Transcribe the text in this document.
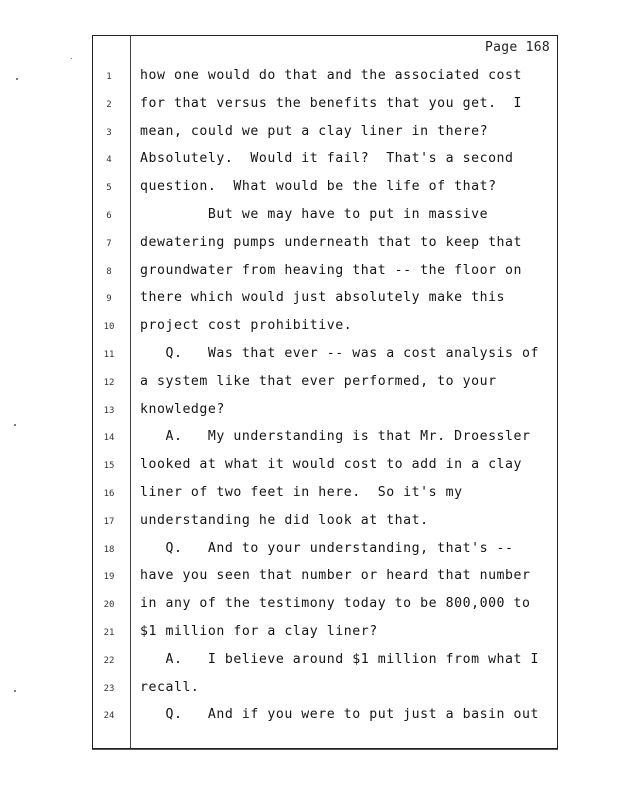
Page 168
1	how one would do that and the associated cost
2	for that versus the benefits that you get.  I
3	mean, could we put a clay liner in there?
4	Absolutely.  Would it fail?  That's a second
5	question.  What would be the life of that?
6	But we may have to put in massive
7	dewatering pumps underneath that to keep that
8	groundwater from heaving that -- the floor on
9	there which would just absolutely make this
10	project cost prohibitive.
11	Q.   Was that ever -- was a cost analysis of
12	a system like that ever performed, to your
13	knowledge?
14	A.   My understanding is that Mr. Droessler
15	looked at what it would cost to add in a clay
16	liner of two feet in here.  So it's my
17	understanding he did look at that.
18	Q.   And to your understanding, that's --
19	have you seen that number or heard that number
20	in any of the testimony today to be 800,000 to
21	$1 million for a clay liner?
22	A.   I believe around $1 million from what I
23	recall.
24	Q.   And if you were to put just a basin out
